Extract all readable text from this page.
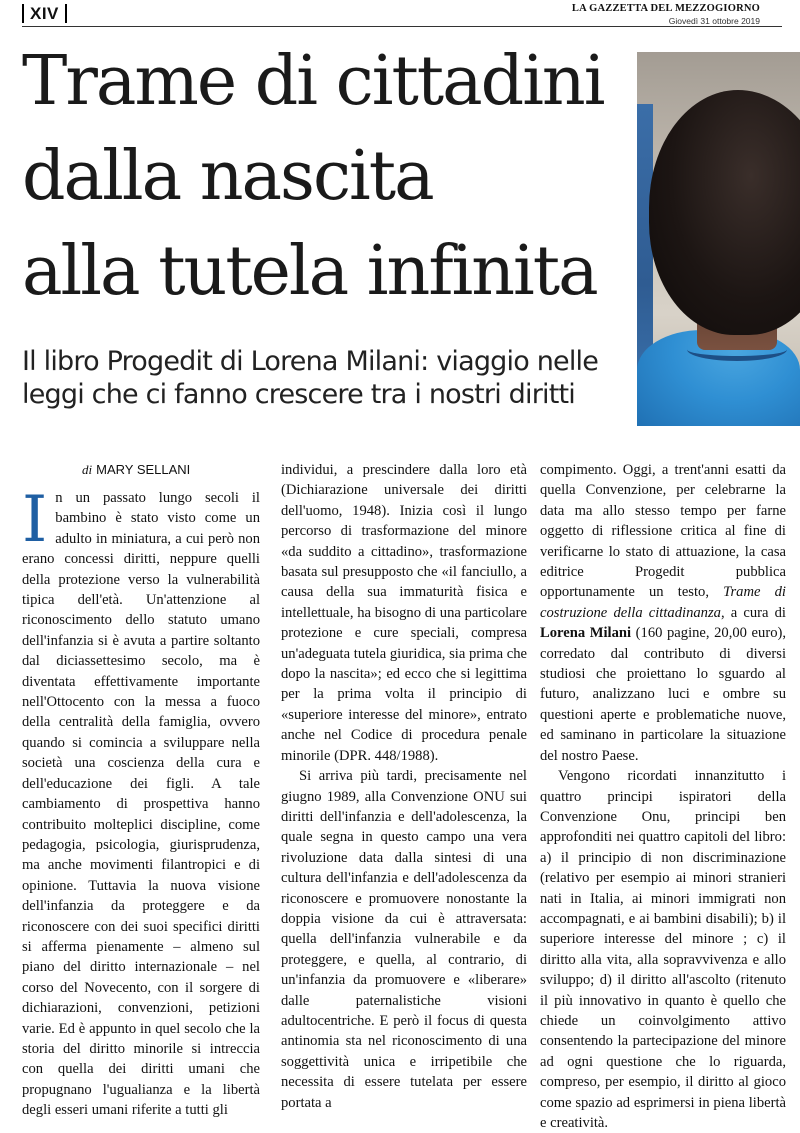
XIV	LA GAZZETTA DEL MEZZOGIORNO
Giovedì 31 ottobre 2019
Trame di cittadini
dalla nascita
alla tutela infinita
Il libro Progedit di Lorena Milani: viaggio nelle
leggi che ci fanno crescere tra i nostri diritti

di MARY SELLANI

In un passato lungo secoli il bambino è stato visto come un adulto in miniatura, a cui però non erano concessi diritti, neppure quelli della protezione verso la vulnerabilità tipica dell'età. Un'attenzione al riconoscimento dello statuto umano dell'infanzia si è avuta a partire soltanto dal diciassettesimo secolo, ma è diventata effettivamente importante nell'Ottocento con la messa a fuoco della centralità della famiglia, ovvero quando si comincia a sviluppare nella società una coscienza della cura e dell'educazione dei figli. A tale cambiamento di prospettiva hanno contribuito molteplici discipline, come pedagogia, psicologia, giurisprudenza, ma anche movimenti filantropici e di opinione. Tuttavia la nuova visione dell'infanzia da proteggere e da riconoscere con dei suoi specifici diritti si afferma pienamente – almeno sul piano del diritto internazionale – nel corso del Novecento, con il sorgere di dichiarazioni, convenzioni, petizioni varie. Ed è appunto in quel secolo che la storia del diritto minorile si intreccia con quella dei diritti umani che propugnano l'ugualianza e la libertà degli esseri umani riferite a tutti gli

individui, a prescindere dalla loro età (Dichiarazione universale dei diritti dell'uomo, 1948). Inizia così il lungo percorso di trasformazione del minore «da suddito a cittadino», trasformazione basata sul presupposto che «il fanciullo, a causa della sua immaturità fisica e intellettuale, ha bisogno di una particolare protezione e cure speciali, compresa un'adeguata tutela giuridica, sia prima che dopo la nascita»; ed ecco che si legittima per la prima volta il principio di «superiore interesse del minore», entrato anche nel Codice di procedura penale minorile (DPR. 448/1988).

Si arriva più tardi, precisamente nel giugno 1989, alla Convenzione ONU sui diritti dell'infanzia e dell'adolescenza, la quale segna in questo campo una vera rivoluzione data dalla sintesi di una cultura dell'infanzia e dell'adolescenza da riconoscere e promuovere nonostante la doppia visione da cui è attraversata: quella dell'infanzia vulnerabile e da proteggere, e quella, al contrario, di un'infanzia da promuovere e «liberare» dalle paternalistiche visioni adultocentriche. E però il focus di questa antinomia sta nel riconoscimento di una soggettività unica e irripetibile che necessita di essere tutelata per essere portata a

compimento. Oggi, a trent'anni esatti da quella Convenzione, per celebrarne la data ma allo stesso tempo per farne oggetto di riflessione critica al fine di verificarne lo stato di attuazione, la casa editrice Progedit pubblica opportunamente un testo, Trame di costruzione della cittadinanza, a cura di Lorena Milani (160 pagine, 20,00 euro), corredato dal contributo di diversi studiosi che proiettano lo sguardo al futuro, analizzano luci e ombre su questioni aperte e problematiche nuove, ed saminano in particolare la situazione del nostro Paese.

Vengono ricordati innanzitutto i quattro principi ispiratori della Convenzione Onu, principi ben approfonditi nei quattro capitoli del libro: a) il principio di non discriminazione (relativo per esempio ai minori stranieri nati in Italia, ai minori immigrati non accompagnati, e ai bambini disabili); b) il superiore interesse del minore ; c) il diritto alla vita, alla sopravvivenza e allo sviluppo; d) il diritto all'ascolto (ritenuto il più innovativo in quanto è quello che chiede un coinvolgimento attivo consentendo la partecipazione del minore ad ogni questione che lo riguarda, compreso, per esempio, il diritto al gioco come spazio ad esprimersi in piena libertà e creatività.
